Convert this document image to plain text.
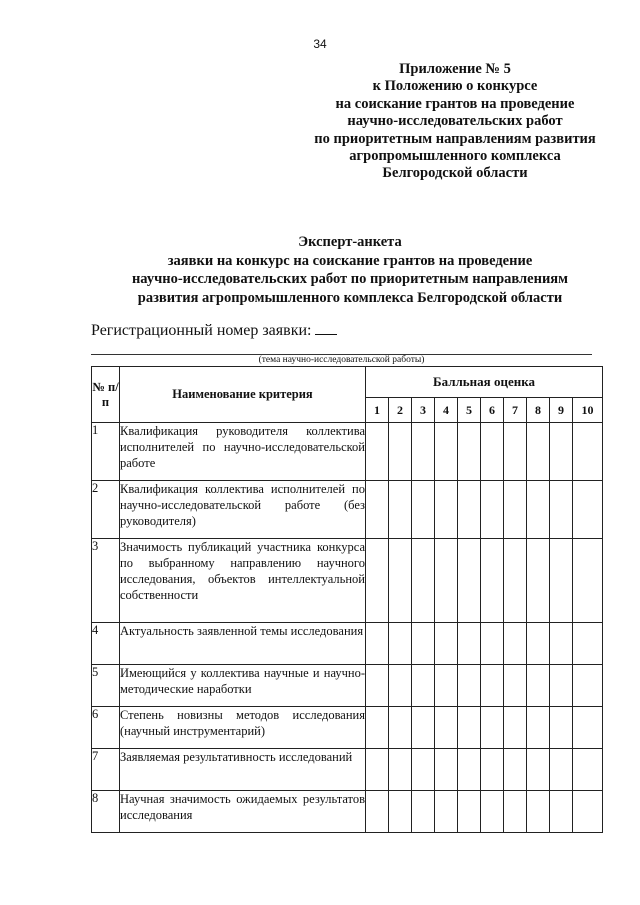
34
Приложение № 5
к Положению о конкурсе
на соискание грантов на проведение
научно-исследовательских работ
по приоритетным направлениям развития
агропромышленного комплекса
Белгородской области
Эксперт-анкета
заявки на конкурс на соискание грантов на проведение
научно-исследовательских работ по приоритетным направлениям
развития агропромышленного комплекса Белгородской области
Регистрационный номер заявки:
(тема научно-исследовательской работы)
№ п/п	Наименование критерия	Балльная оценка									
		1	2	3	4	5	6	7	8	9	10
1	Квалификация руководителя коллектива исполнителей по научно-исследовательской работе										
2	Квалификация коллектива исполнителей по научно-исследовательской работе (без руководителя)										
3	Значимость публикаций участника конкурса по выбранному направлению научного исследования, объектов интеллектуальной собственности										
4	Актуальность заявленной темы исследования										
5	Имеющийся у коллектива научные и научно-методические наработки										
6	Степень новизны методов исследования (научный инструментарий)										
7	Заявляемая результативность исследований										
8	Научная значимость ожидаемых результатов исследования										
